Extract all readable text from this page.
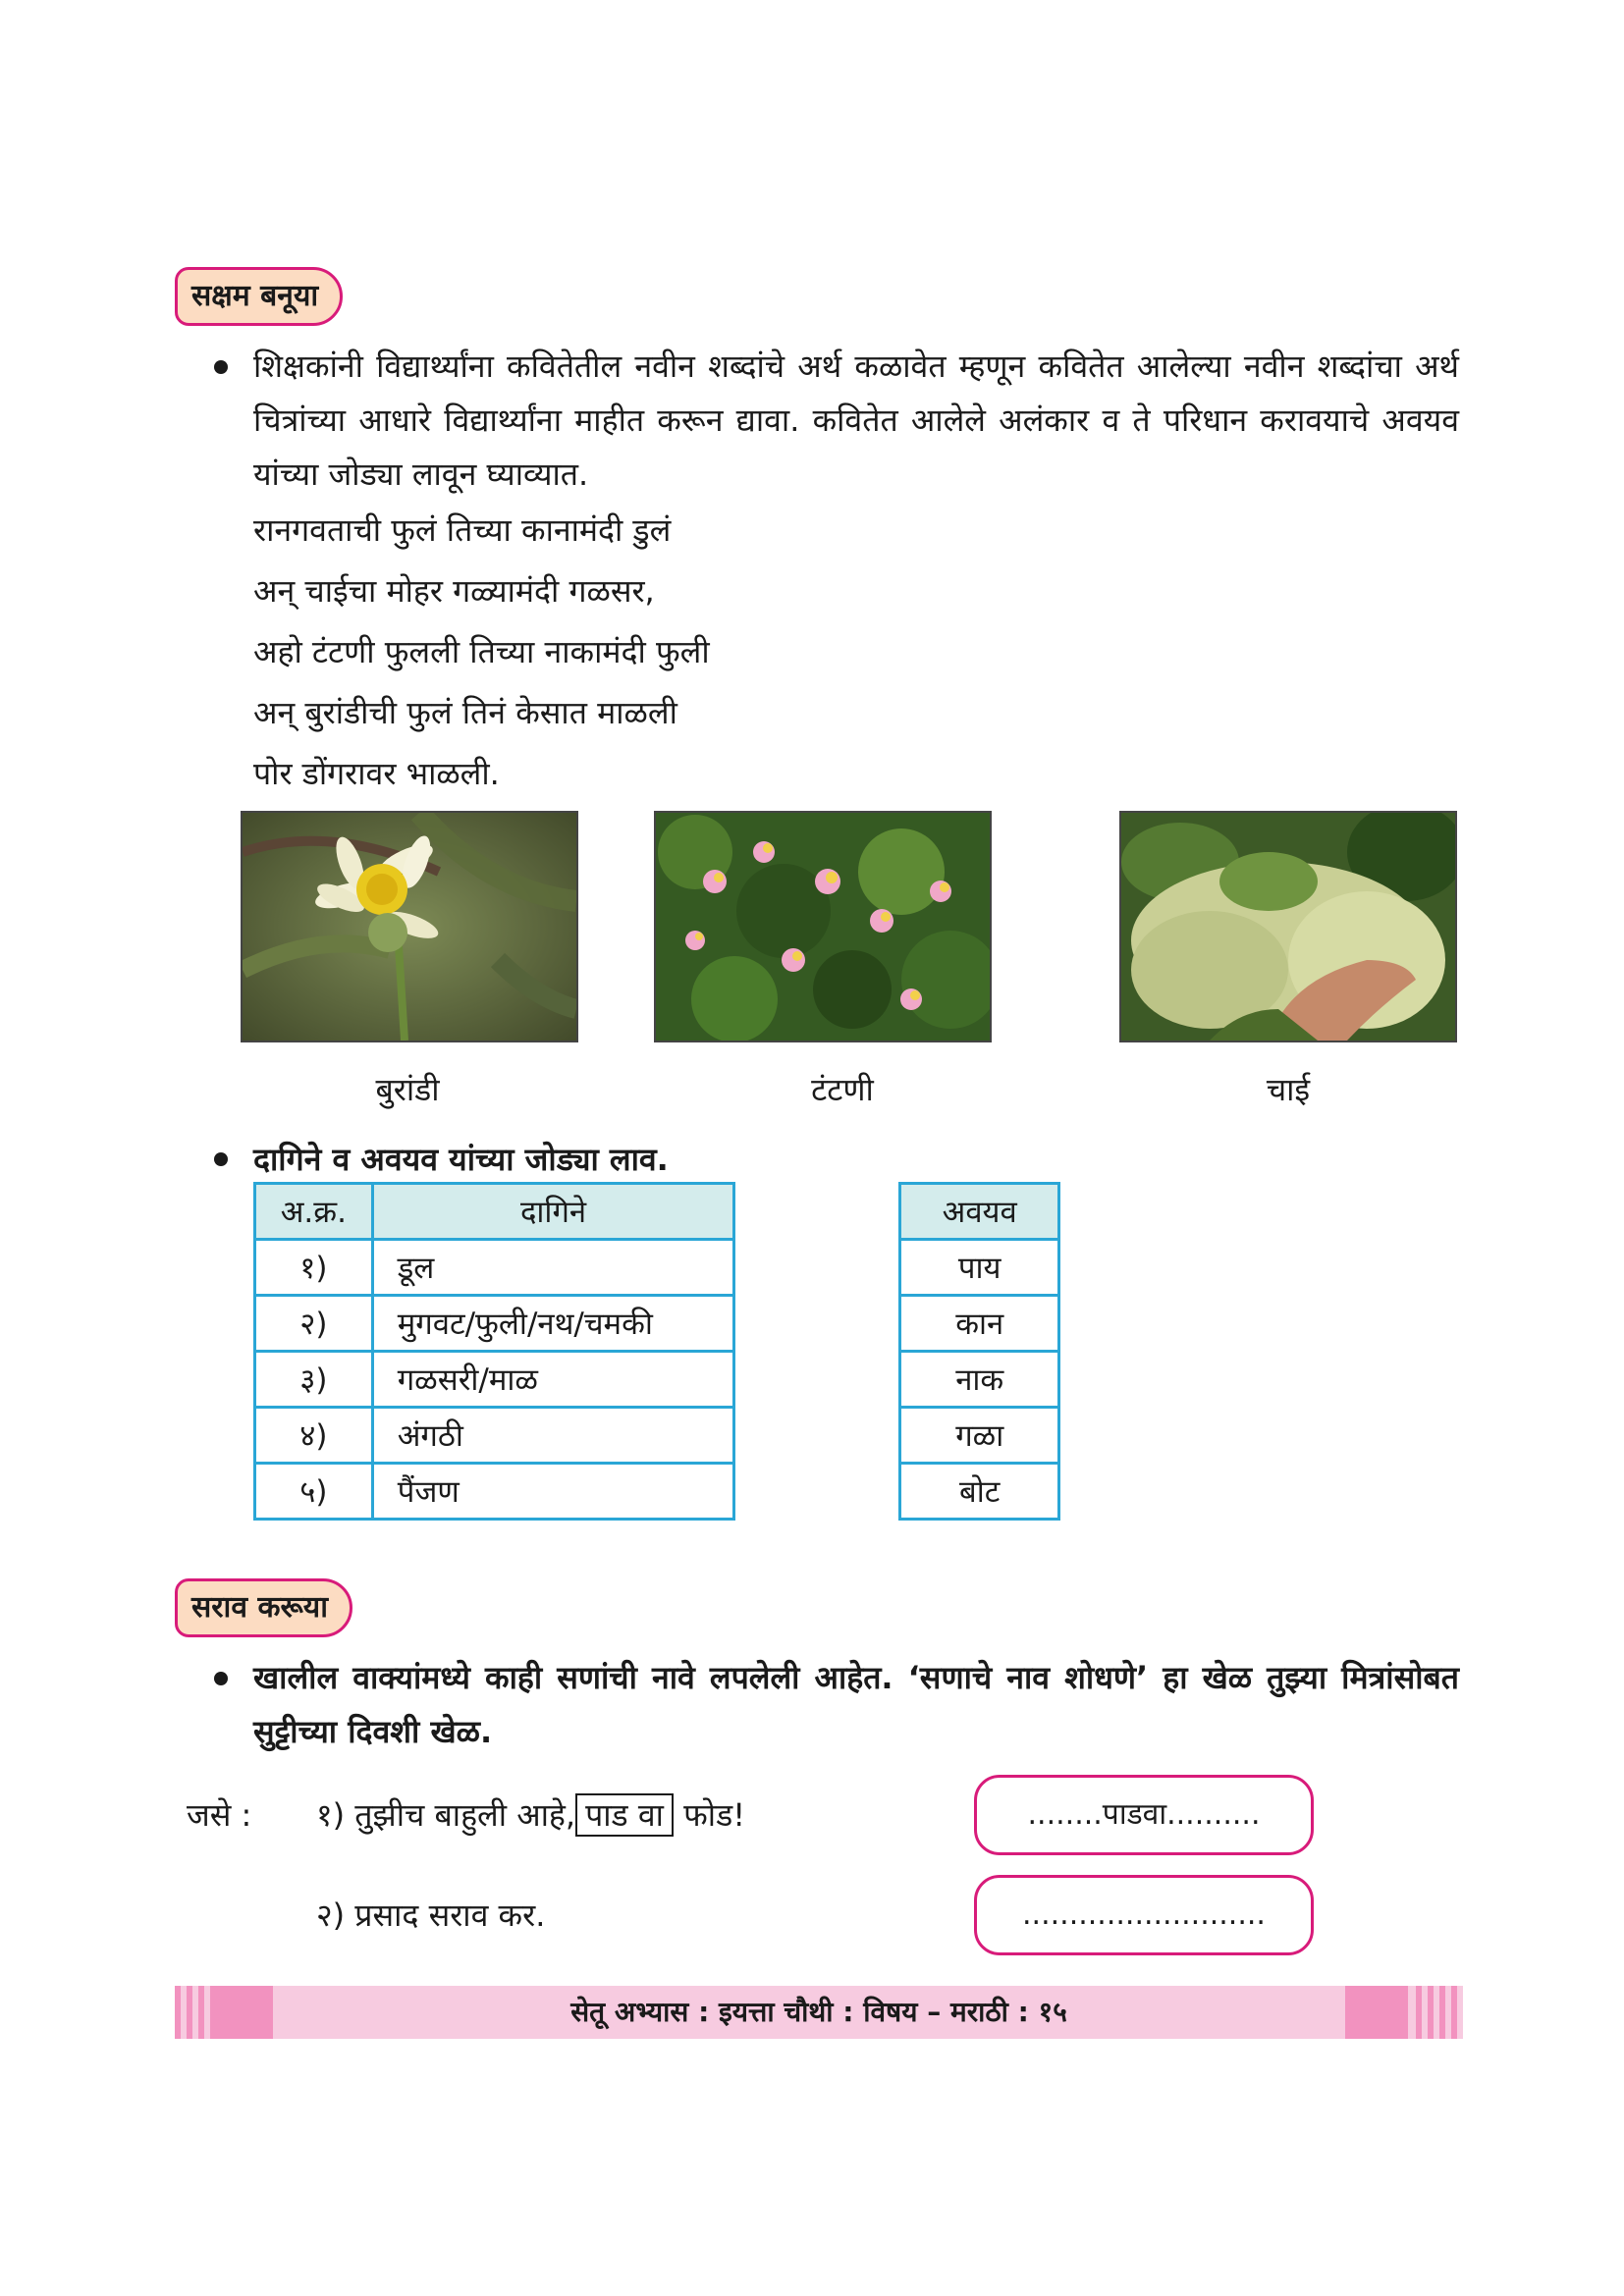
सक्षम बनूया
शिक्षकांनी विद्यार्थ्यांना कवितेतील नवीन शब्दांचे अर्थ कळावेत म्हणून कवितेत आलेल्या नवीन शब्दांचा अर्थ चित्रांच्या आधारे विद्यार्थ्यांना माहीत करून द्यावा. कवितेत आलेले अलंकार व ते परिधान करावयाचे अवयव यांच्या जोड्या लावून घ्याव्यात.
रानगवताची फुलं तिच्या कानामंदी डुलं
अन् चाईचा मोहर गळ्यामंदी गळसर,
अहो टंटणी फुलली तिच्या नाकामंदी फुली
अन् बुरांडीची फुलं तिनं केसात माळली
पोर डोंगरावर भाळली.
बुरांडी	टंटणी	चाई
दागिने व अवयव यांच्या जोड्या लाव.
अ.क्र.	दागिने		अवयव
१)	डूल		पाय
२)	मुगवट/फुली/नथ/चमकी		कान
३)	गळसरी/माळ		नाक
४)	अंगठी		गळा
५)	पैंजण		बोट
सराव करूया
खालील वाक्यांमध्ये काही सणांची नावे लपलेली आहेत. ‘सणाचे नाव शोधणे’ हा खेळ तुझ्या मित्रांसोबत सुट्टीच्या दिवशी खेळ.
जसे : १) तुझीच बाहुली आहे, पाड वा फोड!	........पाडवा..........
२) प्रसाद सराव कर.	..........................
सेतू अभ्यास : इयत्ता चौथी : विषय – मराठी : १५
